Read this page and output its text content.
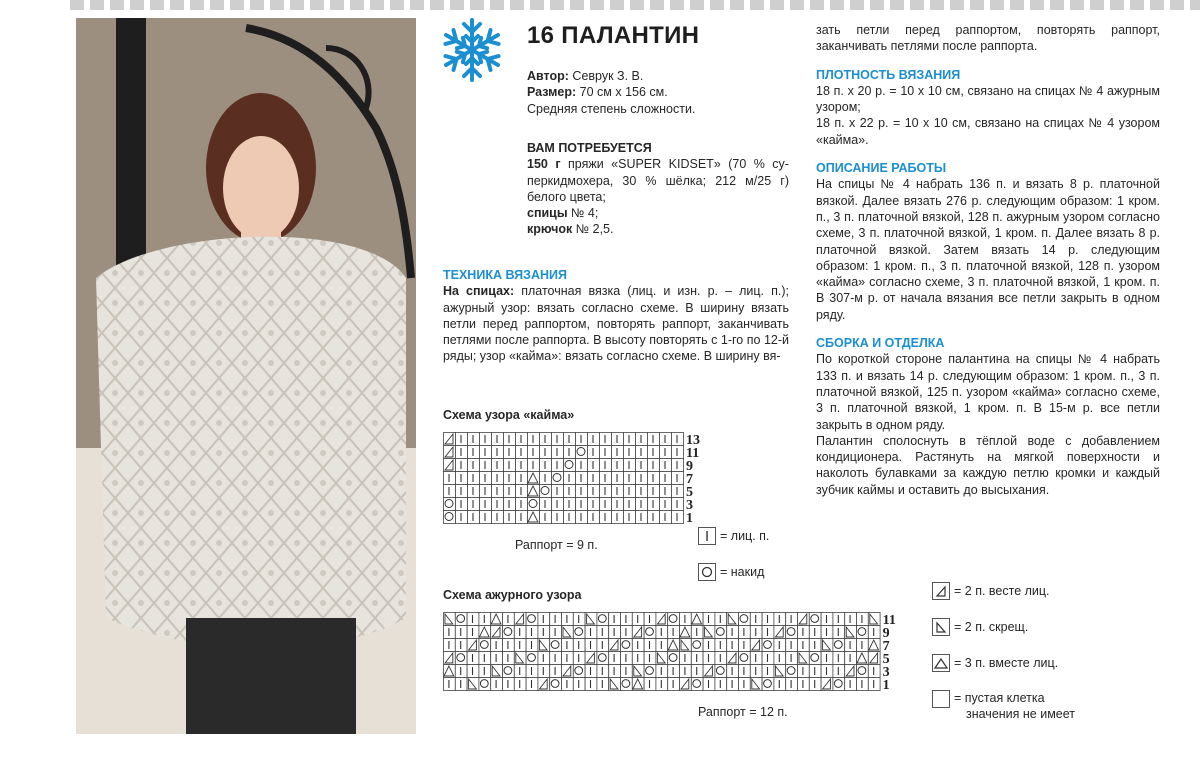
16 ПАЛАНТИН

Автор: Севрук З. В.

Размер: 70 см х 156 см.

Средняя степень сложности.

ВАМ ПОТРЕБУЕТСЯ

150 г пряжи «SUPER KIDSET» (70 % су-перкидмохера, 30 % шёлка; 212 м/25 г) белого цвета;

спицы № 4;

крючок № 2,5.

ТЕХНИКА ВЯЗАНИЯ

На спицах: платочная вязка (лиц. и изн. р. – лиц. п.); ажурный узор: вязать согласно схеме. В ширину вязать петли перед раппортом, повторять раппорт, заканчивать петлями после раппорта. В высоту повторять с 1-го по 12-й ряды; узор «кайма»: вязать согласно схеме. В ширину вя-

зать петли перед раппортом, повторять раппорт, заканчивать петлями после раппорта.

ПЛОТНОСТЬ ВЯЗАНИЯ

18 п. х 20 р. = 10 х 10 см, связано на спицах № 4 ажурным узором;

18 п. х 22 р. = 10 х 10 см, связано на спицах № 4 узором «кайма».

ОПИСАНИЕ РАБОТЫ

На спицы № 4 набрать 136 п. и вязать 8 р. платочной вязкой. Далее вязать 276 р. следующим образом: 1 кром. п., 3 п. платочной вязкой, 128 п. ажурным узором согласно схеме, 3 п. платочной вязкой, 1 кром. п. Далее вязать 8 р. платочной вязкой. Затем вязать 14 р. следующим образом: 1 кром. п., 3 п. платочной вязкой, 128 п. узором «кайма» согласно схеме, 3 п. платочной вязкой, 1 кром. п. В 307-м р. от начала вязания все петли закрыть в одном ряду.

СБОРКА И ОТДЕЛКА

По короткой стороне палантина на спицы № 4 набрать 133 п. и вязать 14 р. следующим образом: 1 кром. п., 3 п. платочной вязкой, 125 п. узором «кайма» согласно схеме, 3 п. платочной вязкой, 1 кром. п. В 15-м р. все петли закрыть в одном ряду.

Палантин сполоснуть в тёплой воде с добавлением кондиционера. Растянуть на мягкой поверхности и наколоть булавками за каждую петлю кромки и каждый зубчик каймы и оставить до высыхания.

Схема узора «кайма»
13
11
9
7
5
3
1
Раппорт = 9 п.
= лиц. п.
= накид
Схема ажурного узора
11
9
7
5
3
1
Раппорт = 12 п.
= 2 п. весте лиц.
= 2 п. скрещ.
= 3 п. вместе лиц.
= пустая клетка
значения не имеет
